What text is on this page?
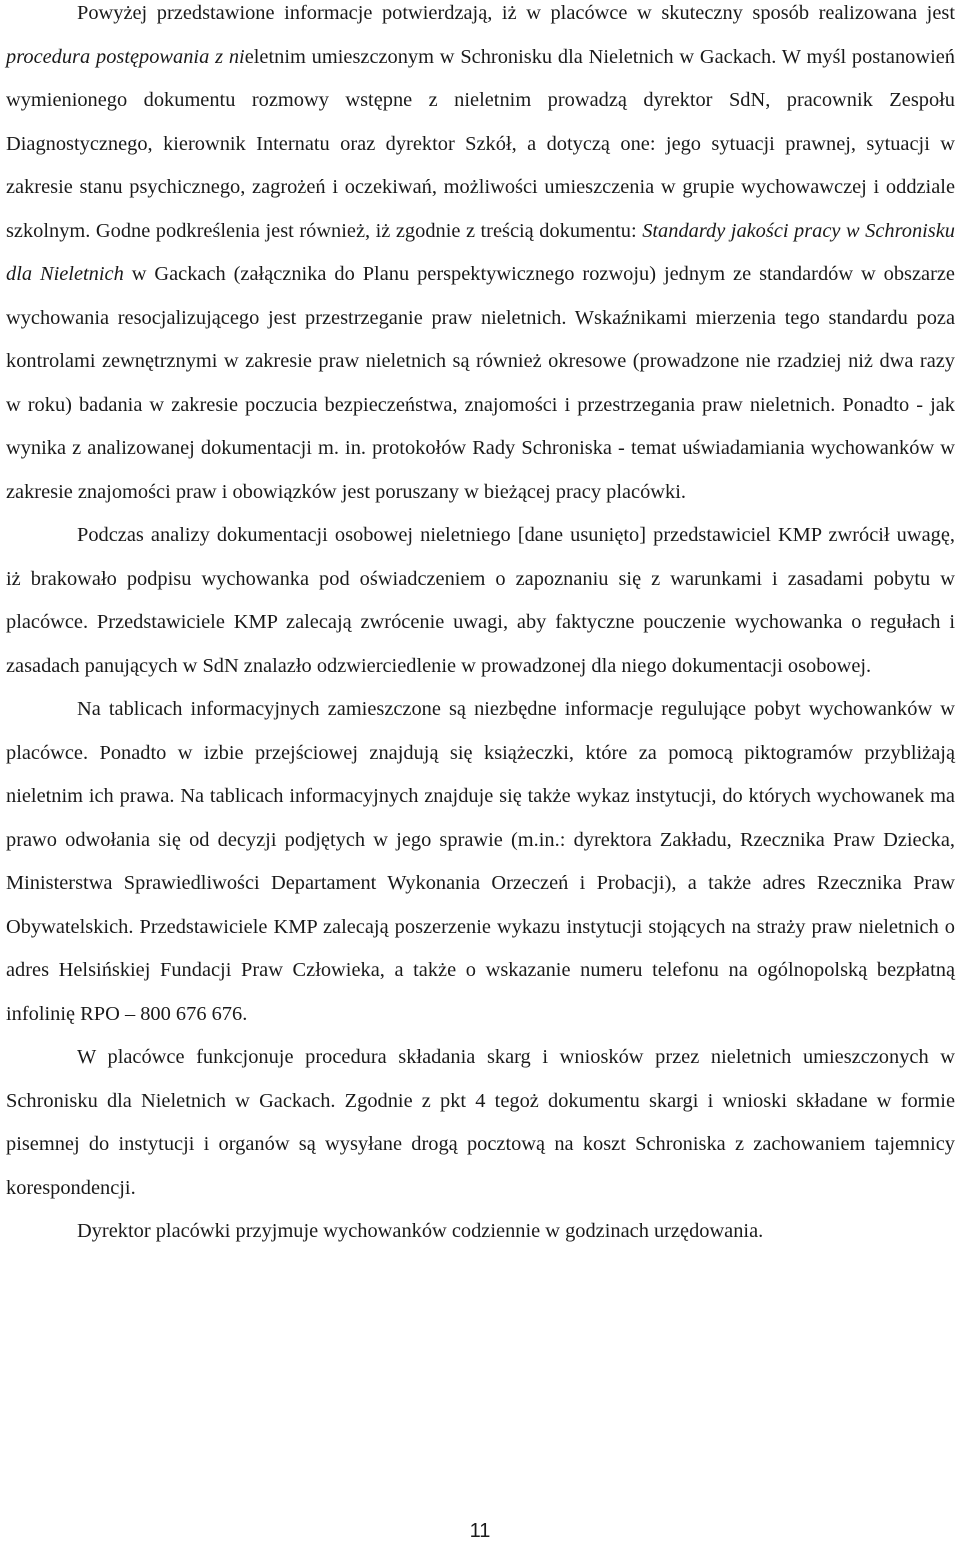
Powyżej przedstawione informacje potwierdzają, iż w placówce w skuteczny sposób realizowana jest procedura postępowania z nieletnim umieszczonym w Schronisku dla Nieletnich w Gackach. W myśl postanowień wymienionego dokumentu rozmowy wstępne z nieletnim prowadzą dyrektor SdN, pracownik Zespołu Diagnostycznego, kierownik Internatu oraz dyrektor Szkół, a dotyczą one: jego sytuacji prawnej, sytuacji w zakresie stanu psychicznego, zagrożeń i oczekiwań, możliwości umieszczenia w grupie wychowawczej i oddziale szkolnym. Godne podkreślenia jest również, iż zgodnie z treścią dokumentu: Standardy jakości pracy w Schronisku dla Nieletnich w Gackach (załącznika do Planu perspektywicznego rozwoju) jednym ze standardów w obszarze wychowania resocjalizującego jest przestrzeganie praw nieletnich. Wskaźnikami mierzenia tego standardu poza kontrolami zewnętrznymi w zakresie praw nieletnich są również okresowe (prowadzone nie rzadziej niż dwa razy w roku) badania w zakresie poczucia bezpieczeństwa, znajomości i przestrzegania praw nieletnich. Ponadto - jak wynika z analizowanej dokumentacji m. in. protokołów Rady Schroniska - temat uświadamiania wychowanków w zakresie znajomości praw i obowiązków jest poruszany w bieżącej pracy placówki.

Podczas analizy dokumentacji osobowej nieletniego [dane usunięto] przedstawiciel KMP zwrócił uwagę, iż brakowało podpisu wychowanka pod oświadczeniem o zapoznaniu się z warunkami i zasadami pobytu w placówce. Przedstawiciele KMP zalecają zwrócenie uwagi, aby faktyczne pouczenie wychowanka o regułach i zasadach panujących w SdN znalazło odzwierciedlenie w prowadzonej dla niego dokumentacji osobowej.

Na tablicach informacyjnych zamieszczone są niezbędne informacje regulujące pobyt wychowanków w placówce. Ponadto w izbie przejściowej znajdują się książeczki, które za pomocą piktogramów przybliżają nieletnim ich prawa. Na tablicach informacyjnych znajduje się także wykaz instytucji, do których wychowanek ma prawo odwołania się od decyzji podjętych w jego sprawie (m.in.: dyrektora Zakładu, Rzecznika Praw Dziecka, Ministerstwa Sprawiedliwości Departament Wykonania Orzeczeń i Probacji), a także adres Rzecznika Praw Obywatelskich. Przedstawiciele KMP zalecają poszerzenie wykazu instytucji stojących na straży praw nieletnich o adres Helsińskiej Fundacji Praw Człowieka, a także o wskazanie numeru telefonu na ogólnopolską bezpłatną infolinię RPO – 800 676 676.

W placówce funkcjonuje procedura składania skarg i wniosków przez nieletnich umieszczonych w Schronisku dla Nieletnich w Gackach. Zgodnie z pkt 4 tegoż dokumentu skargi i wnioski składane w formie pisemnej do instytucji i organów są wysyłane drogą pocztową na koszt Schroniska z zachowaniem tajemnicy korespondencji.

Dyrektor placówki przyjmuje wychowanków codziennie w godzinach urzędowania.

11
